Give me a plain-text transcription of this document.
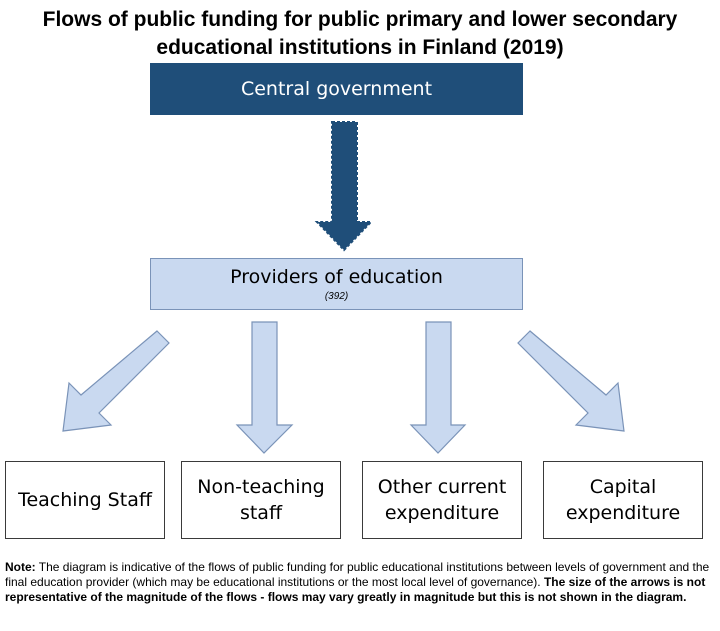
Flows of public funding for public primary and lower secondary
educational institutions in Finland (2019)
Central government
Providers of education
(392)
Teaching Staff
Non-teaching
staff
Other current
expenditure
Capital
expenditure
Note: The diagram is indicative of the flows of public funding for public educational institutions between levels of government and the final education provider (which may be educational institutions or the most local level of governance). The size of the arrows is not representative of the magnitude of the flows - flows may vary greatly in magnitude but this is not shown in the diagram.
